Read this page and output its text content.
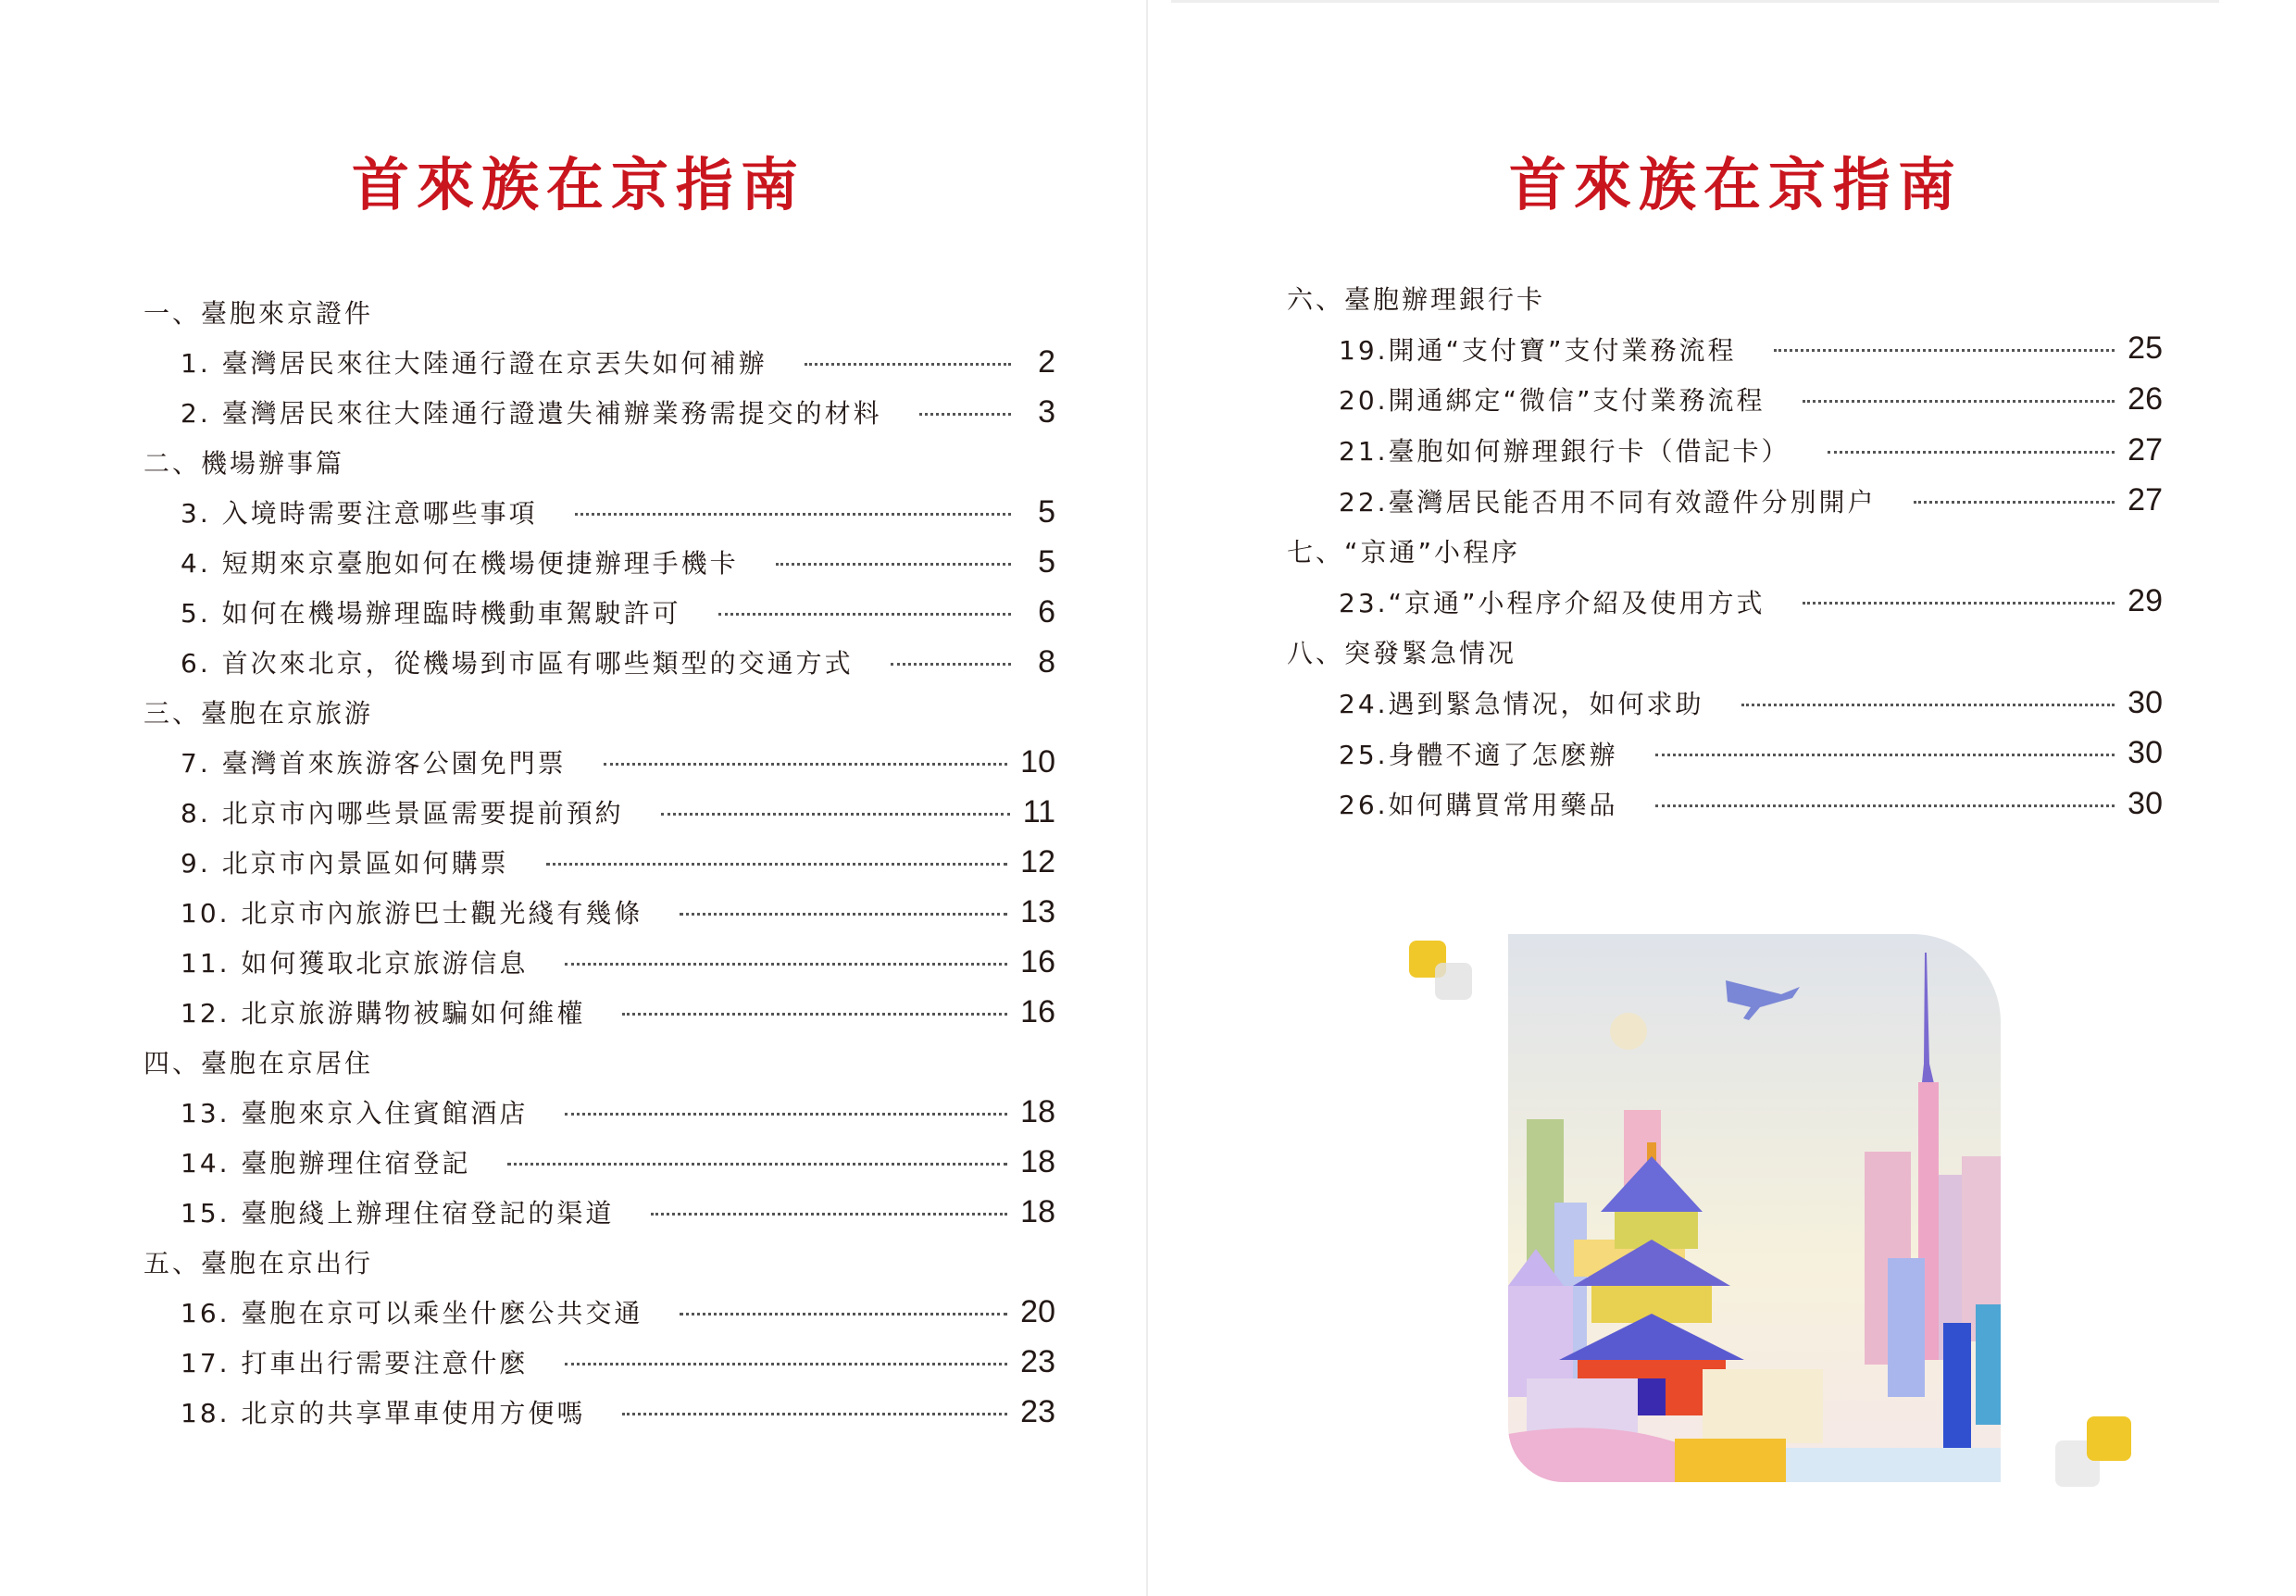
首來族在京指南
一、臺胞來京證件
1. 臺灣居民來往大陸通行證在京丟失如何補辦	2
2. 臺灣居民來往大陸通行證遺失補辦業務需提交的材料	3
二、機場辦事篇
3. 入境時需要注意哪些事項	5
4. 短期來京臺胞如何在機場便捷辦理手機卡	5
5. 如何在機場辦理臨時機動車駕駛許可	6
6. 首次來北京，從機場到市區有哪些類型的交通方式	8
三、臺胞在京旅游
7. 臺灣首來族游客公園免門票	10
8. 北京市內哪些景區需要提前預約	11
9. 北京市內景區如何購票	12
10. 北京市內旅游巴士觀光綫有幾條	13
11. 如何獲取北京旅游信息	16
12. 北京旅游購物被騙如何維權	16
四、臺胞在京居住
13. 臺胞來京入住賓館酒店	18
14. 臺胞辦理住宿登記	18
15. 臺胞綫上辦理住宿登記的渠道	18
五、臺胞在京出行
16. 臺胞在京可以乘坐什麽公共交通	20
17. 打車出行需要注意什麽	23
18. 北京的共享單車使用方便嗎	23
首來族在京指南
六、臺胞辦理銀行卡
19.開通“支付寶”支付業務流程	25
20.開通綁定“微信”支付業務流程	26
21.臺胞如何辦理銀行卡（借記卡）	27
22.臺灣居民能否用不同有效證件分別開户	27
七、“京通”小程序
23.“京通”小程序介紹及使用方式	29
八、突發緊急情况
24.遇到緊急情况，如何求助	30
25.身體不適了怎麽辦	30
26.如何購買常用藥品	30
